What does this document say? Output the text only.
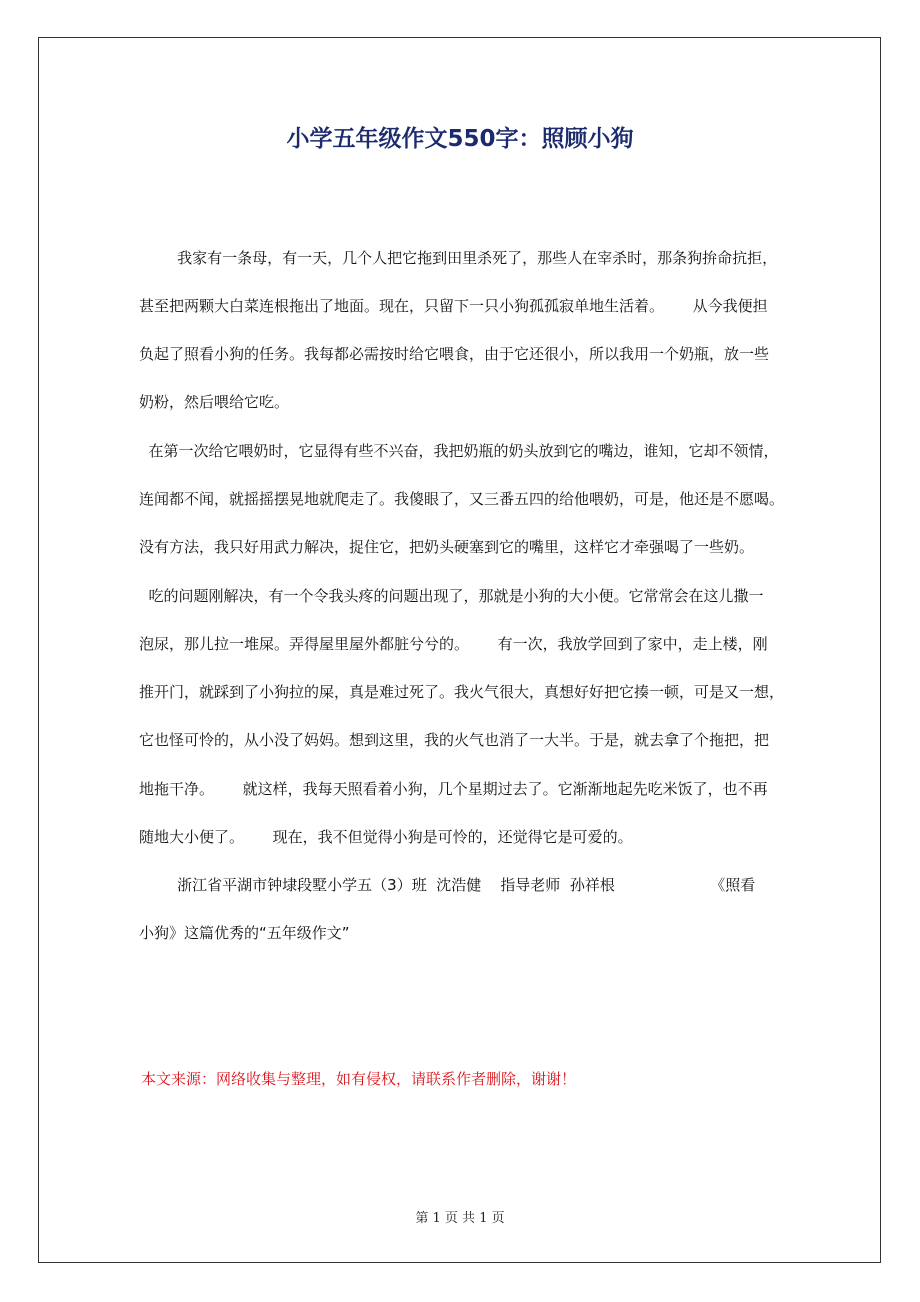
小学五年级作文550字：照顾小狗
我家有一条母，有一天，几个人把它拖到田里杀死了，那些人在宰杀时，那条狗拚命抗拒，
甚至把两颗大白菜连根拖出了地面。现在，只留下一只小狗孤孤寂单地生活着。      从今我便担
负起了照看小狗的任务。我每都必需按时给它喂食，由于它还很小，所以我用一个奶瓶，放一些
奶粉，然后喂给它吃。
在第一次给它喂奶时，它显得有些不兴奋，我把奶瓶的奶头放到它的嘴边，谁知，它却不领情，
连闻都不闻，就摇摇摆晃地就爬走了。我傻眼了，又三番五四的给他喂奶，可是，他还是不愿喝。
没有方法，我只好用武力解决，捉住它，把奶头硬塞到它的嘴里，这样它才牵强喝了一些奶。
吃的问题刚解决，有一个令我头疼的问题出现了，那就是小狗的大小便。它常常会在这儿撒一
泡尿，那儿拉一堆屎。弄得屋里屋外都脏兮兮的。      有一次，我放学回到了家中，走上楼，刚
推开门，就踩到了小狗拉的屎，真是难过死了。我火气很大，真想好好把它揍一顿，可是又一想，
它也怪可怜的，从小没了妈妈。想到这里，我的火气也消了一大半。于是，就去拿了个拖把，把
地拖干净。      就这样，我每天照看着小狗，几个星期过去了。它渐渐地起先吃米饭了，也不再
随地大小便了。      现在，我不但觉得小狗是可怜的，还觉得它是可爱的。
浙江省平湖市钟埭段墅小学五（3）班  沈浩健    指导老师  孙祥根                    《照看
小狗》这篇优秀的“五年级作文”
本文来源：网络收集与整理，如有侵权，请联系作者删除，谢谢！
第 1 页 共 1 页
